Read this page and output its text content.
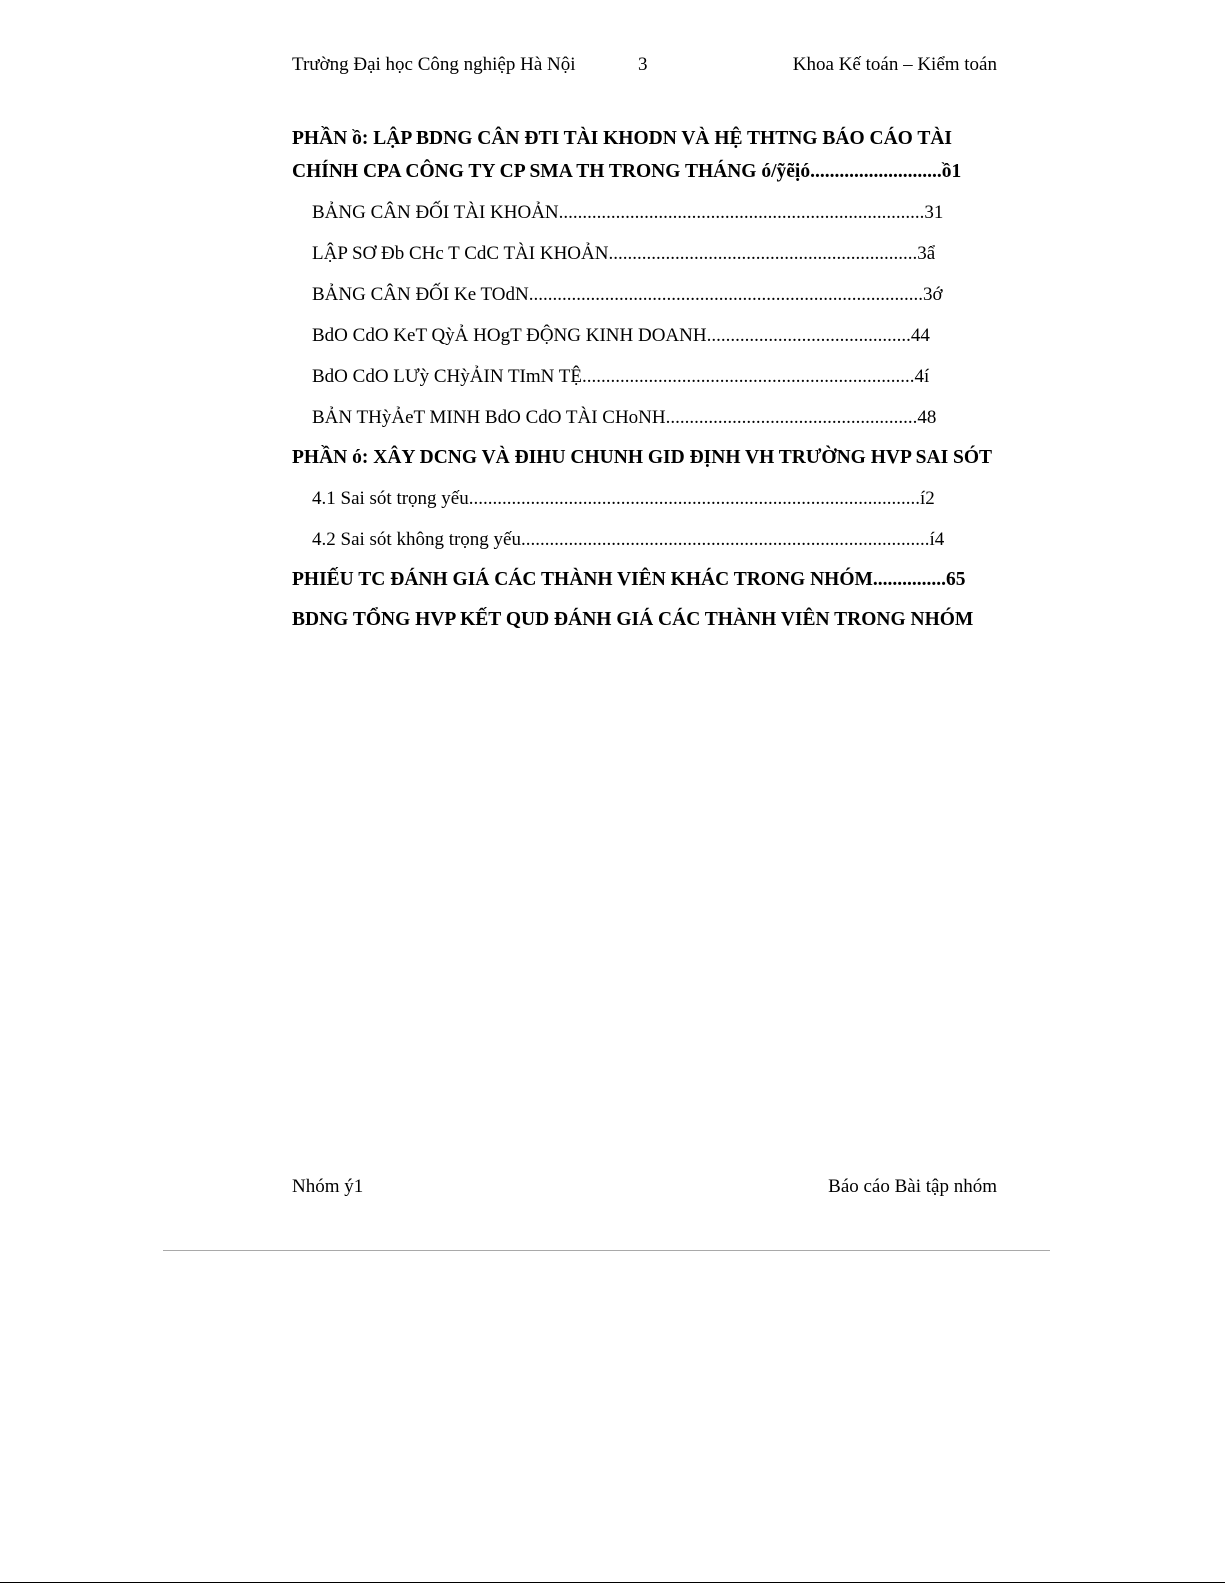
Trường Đại học Công nghiệp Hà Nội	3	Khoa Kế toán – Kiểm toán
PHẦN ồ: LẬP BDNG CÂN ĐTI TÀI KHODN VÀ HỆ THTNG BÁO CÁO TÀI CHÍNH CPA CÔNG TY CP SMA TH TRONG THÁNG ó/ỹẽịó...........................ồ1
BẢNG CÂN ĐỐI TÀI KHOẢN.............................................................................31
LẬP SƠ Đb CHc T CdC TÀI KHOẢN.................................................................3ẩ
BẢNG CÂN ĐỐI Ke TOdN...................................................................................3ớ
BdO CdO KeT QỳẢ HOgT ĐỘNG KINH DOANH...........................................44
BdO CdO LƯỳ CHỳẢIN TImN TỆ......................................................................4í
BẢN THỳẢeT MINH BdO CdO TÀI CHoNH.....................................................48
PHẦN ó: XÂY DCNG VÀ ĐIHU CHUNH GID ĐỊNH VH TRƯỜNG HVP SAI SÓT
4.1 Sai sót trọng yếu...............................................................................................í2
4.2 Sai sót không trọng yếu......................................................................................í4
PHIẾU TC ĐÁNH GIÁ CÁC THÀNH VIÊN KHÁC TRONG NHÓM...............65
BDNG TỔNG HVP KẾT QUD ĐÁNH GIÁ CÁC THÀNH VIÊN TRONG NHÓM
Nhóm ý1	Báo cáo Bài tập nhóm
